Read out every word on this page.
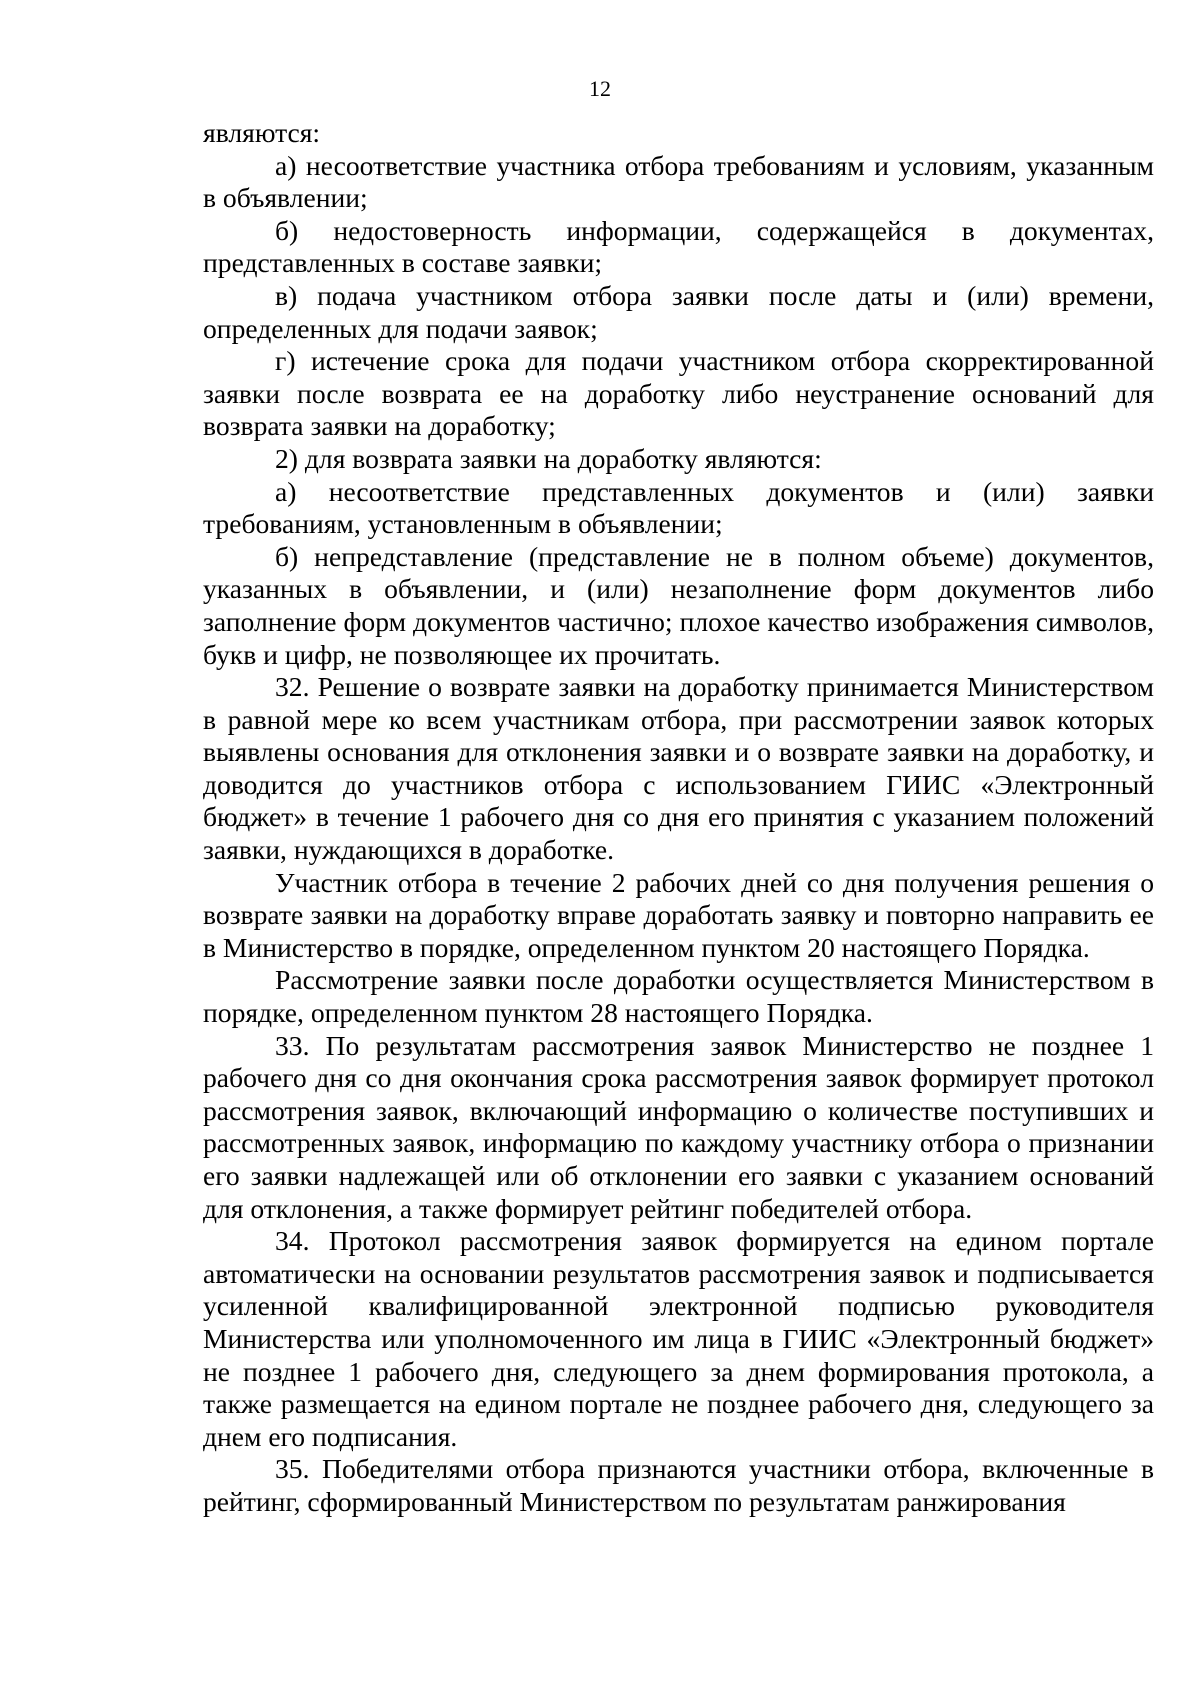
12

являются:

а) несоответствие участника отбора требованиям и условиям, указанным в объявлении;

б) недостоверность информации, содержащейся в документах, представленных в составе заявки;

в) подача участником отбора заявки после даты и (или) времени, определенных для подачи заявок;

г) истечение срока для подачи участником отбора скорректированной заявки после возврата ее на доработку либо неустранение оснований для возврата заявки на доработку;

2) для возврата заявки на доработку являются:

а) несоответствие представленных документов и (или) заявки требованиям, установленным в объявлении;

б) непредставление (представление не в полном объеме) документов, указанных в объявлении, и (или) незаполнение форм документов либо заполнение форм документов частично; плохое качество изображения символов, букв и цифр, не позволяющее их прочитать.

32. Решение о возврате заявки на доработку принимается Министерством в равной мере ко всем участникам отбора, при рассмотрении заявок которых выявлены основания для отклонения заявки и о возврате заявки на доработку, и доводится до участников отбора с использованием ГИИС «Электронный бюджет» в течение 1 рабочего дня со дня его принятия с указанием положений заявки, нуждающихся в доработке.

Участник отбора в течение 2 рабочих дней со дня получения решения о возврате заявки на доработку вправе доработать заявку и повторно направить ее в Министерство в порядке, определенном пунктом 20 настоящего Порядка.

Рассмотрение заявки после доработки осуществляется Министерством в порядке, определенном пунктом 28 настоящего Порядка.

33. По результатам рассмотрения заявок Министерство не позднее 1 рабочего дня со дня окончания срока рассмотрения заявок формирует протокол рассмотрения заявок, включающий информацию о количестве поступивших и рассмотренных заявок, информацию по каждому участнику отбора о признании его заявки надлежащей или об отклонении его заявки с указанием оснований для отклонения, а также формирует рейтинг победителей отбора.

34. Протокол рассмотрения заявок формируется на едином портале автоматически на основании результатов рассмотрения заявок и подписывается усиленной квалифицированной электронной подписью руководителя Министерства или уполномоченного им лица в ГИИС «Электронный бюджет» не позднее 1 рабочего дня, следующего за днем формирования протокола, а также размещается на едином портале не позднее рабочего дня, следующего за днем его подписания.

35. Победителями отбора признаются участники отбора, включенные в рейтинг, сформированный Министерством по результатам ранжирования
